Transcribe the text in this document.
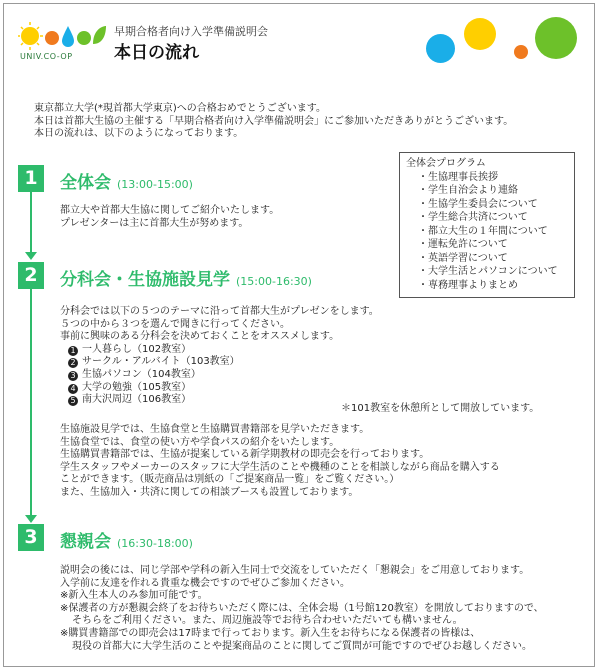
UNIV.CO-OP
早期合格者向け入学準備説明会
本日の流れ
東京都立大学(*現首都大学東京)への合格おめでとうございます。
本日は首都大生協の主催する「早期合格者向け入学準備説明会」にご参加いただきありがとうございます。
本日の流れは、以下のようになっております。
全体会プログラム
・生協理事長挨拶
・学生自治会より連絡
・生協学生委員会について
・学生総合共済について
・都立大生の１年間について
・運転免許について
・英語学習について
・大学生活とパソコンについて
・専務理事よりまとめ
1	全体会 (13:00-15:00)
都立大や首都大生協に関してご紹介いたします。
プレゼンターは主に首都大生が努めます。
2	分科会・生協施設見学 (15:00-16:30)
分科会では以下の５つのテーマに沿って首都大生がプレゼンをします。
５つの中から３つを選んで聞きに行ってください。
事前に興味のある分科会を決めておくことをオススメします。
1 一人暮らし（102教室）
2 サークル・アルバイト（103教室）
3 生協パソコン（104教室）
4 大学の勉強（105教室）
5 南大沢周辺（106教室）
＊101教室を休憩所として開放しています。
生協施設見学では、生協食堂と生協購買書籍部を見学いただきます。
生協食堂では、食堂の使い方や学食パスの紹介をいたします。
生協購買書籍部では、生協が提案している新学期教材の即売会を行っております。
学生スタッフやメーカーのスタッフに大学生活のことや機種のことを相談しながら商品を購入する
ことができます。（販売商品は別紙の「ご提案商品一覧」をご覧ください。）
また、生協加入・共済に関しての相談ブースも設置しております。
3	懇親会 (16:30-18:00)
説明会の後には、同じ学部や学科の新入生同士で交流をしていただく「懇親会」をご用意しております。
入学前に友達を作れる貴重な機会ですのでぜひご参加ください。
※新入生本人のみ参加可能です。
※保護者の方が懇親会終了をお待ちいただく際には、全体会場（1号館120教室）を開放しておりますので、
そちらをご利用ください。また、周辺施設等でお待ち合わせいただいても構いません。
※購買書籍部での即売会は17時まで行っております。新入生をお待ちになる保護者の皆様は、
現役の首都大に大学生活のことや提案商品のことに関してご質問が可能ですのでぜひお越しください。
